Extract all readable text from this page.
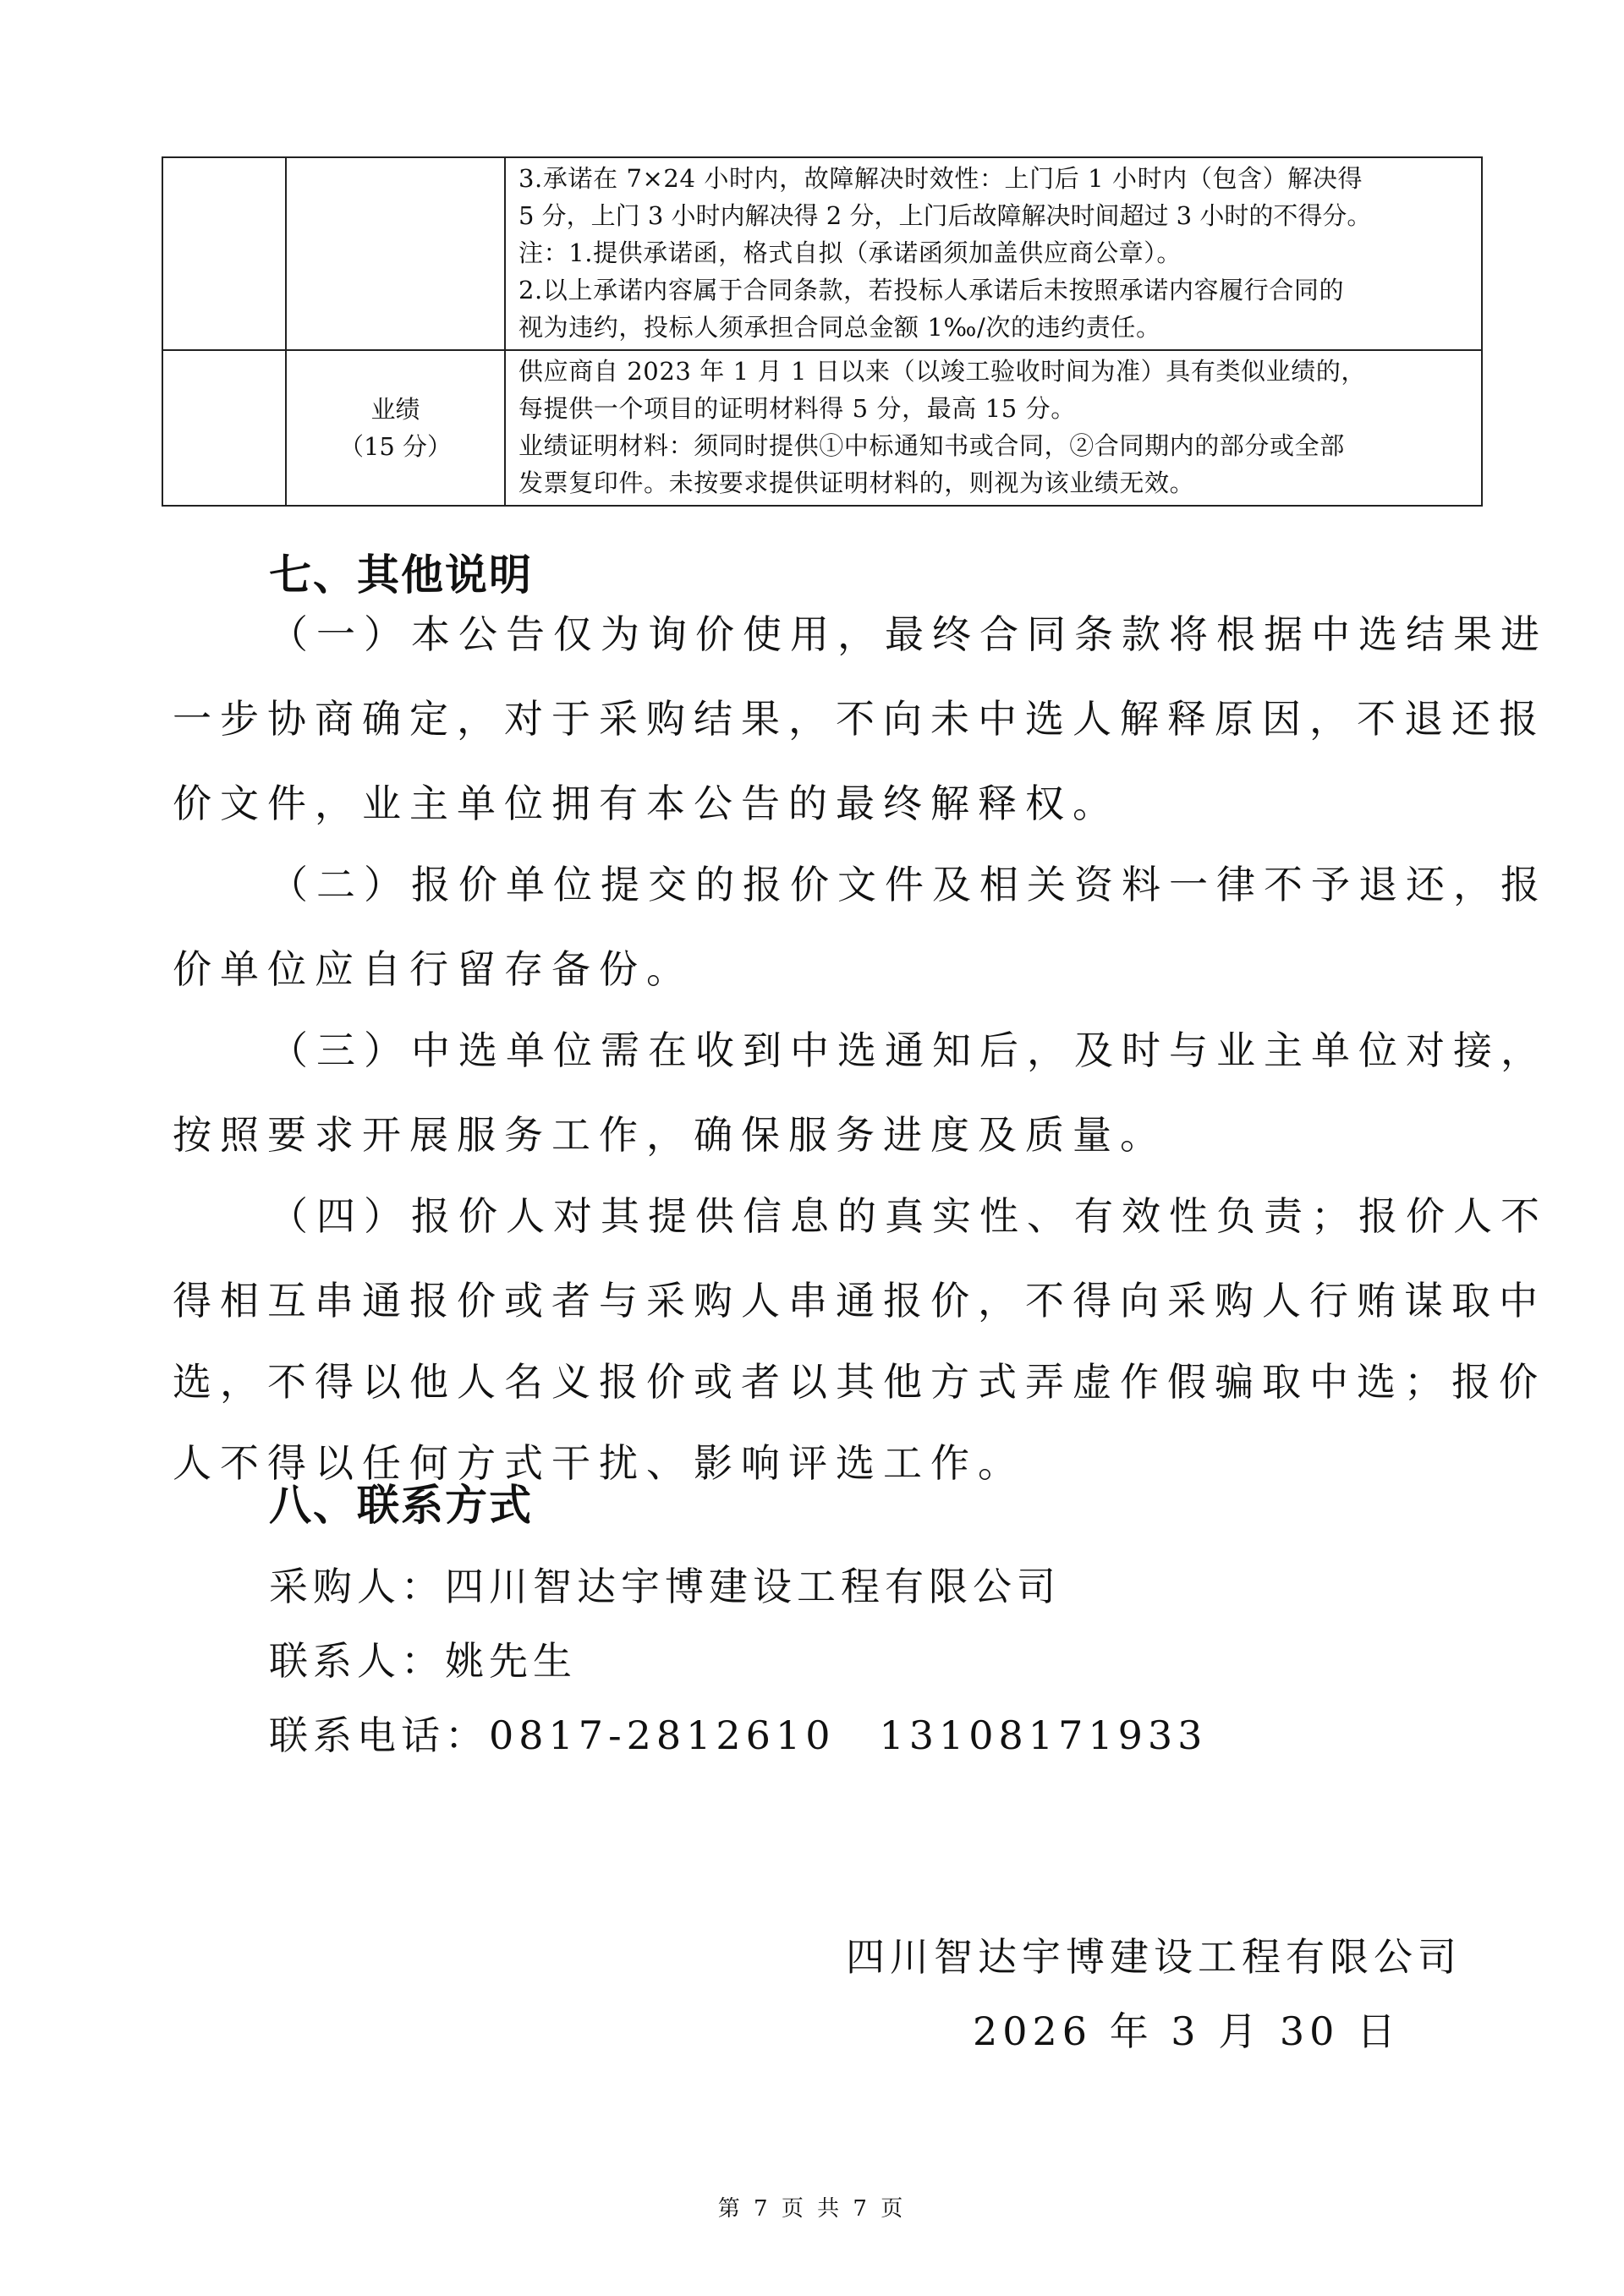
		3.承诺在 7×24 小时内，故障解决时效性：上门后 1 小时内（包含）解决得
5 分，上门 3 小时内解决得 2 分，上门后故障解决时间超过 3 小时的不得分。
注：1.提供承诺函，格式自拟（承诺函须加盖供应商公章）。
2.以上承诺内容属于合同条款，若投标人承诺后未按照承诺内容履行合同的
视为违约，投标人须承担合同总金额 1‰/次的违约责任。

	业绩
（15 分）	供应商自 2023 年 1 月 1 日以来（以竣工验收时间为准）具有类似业绩的，
每提供一个项目的证明材料得 5 分，最高 15 分。
业绩证明材料：须同时提供①中标通知书或合同，②合同期内的部分或全部
发票复印件。未按要求提供证明材料的，则视为该业绩无效。
七、其他说明
（一）本公告仅为询价使用，最终合同条款将根据中选结果进
一步协商确定，对于采购结果，不向未中选人解释原因，不退还报
价文件，业主单位拥有本公告的最终解释权。
（二）报价单位提交的报价文件及相关资料一律不予退还，报
价单位应自行留存备份。
（三）中选单位需在收到中选通知后，及时与业主单位对接，
按照要求开展服务工作，确保服务进度及质量。
（四）报价人对其提供信息的真实性、有效性负责；报价人不
得相互串通报价或者与采购人串通报价，不得向采购人行贿谋取中
选，不得以他人名义报价或者以其他方式弄虚作假骗取中选；报价
人不得以任何方式干扰、影响评选工作。
八、联系方式
采购人：四川智达宇博建设工程有限公司
联系人：姚先生
联系电话：0817-2812610　13108171933
四川智达宇博建设工程有限公司
2026 年 3 月 30 日
第 7 页 共 7 页
